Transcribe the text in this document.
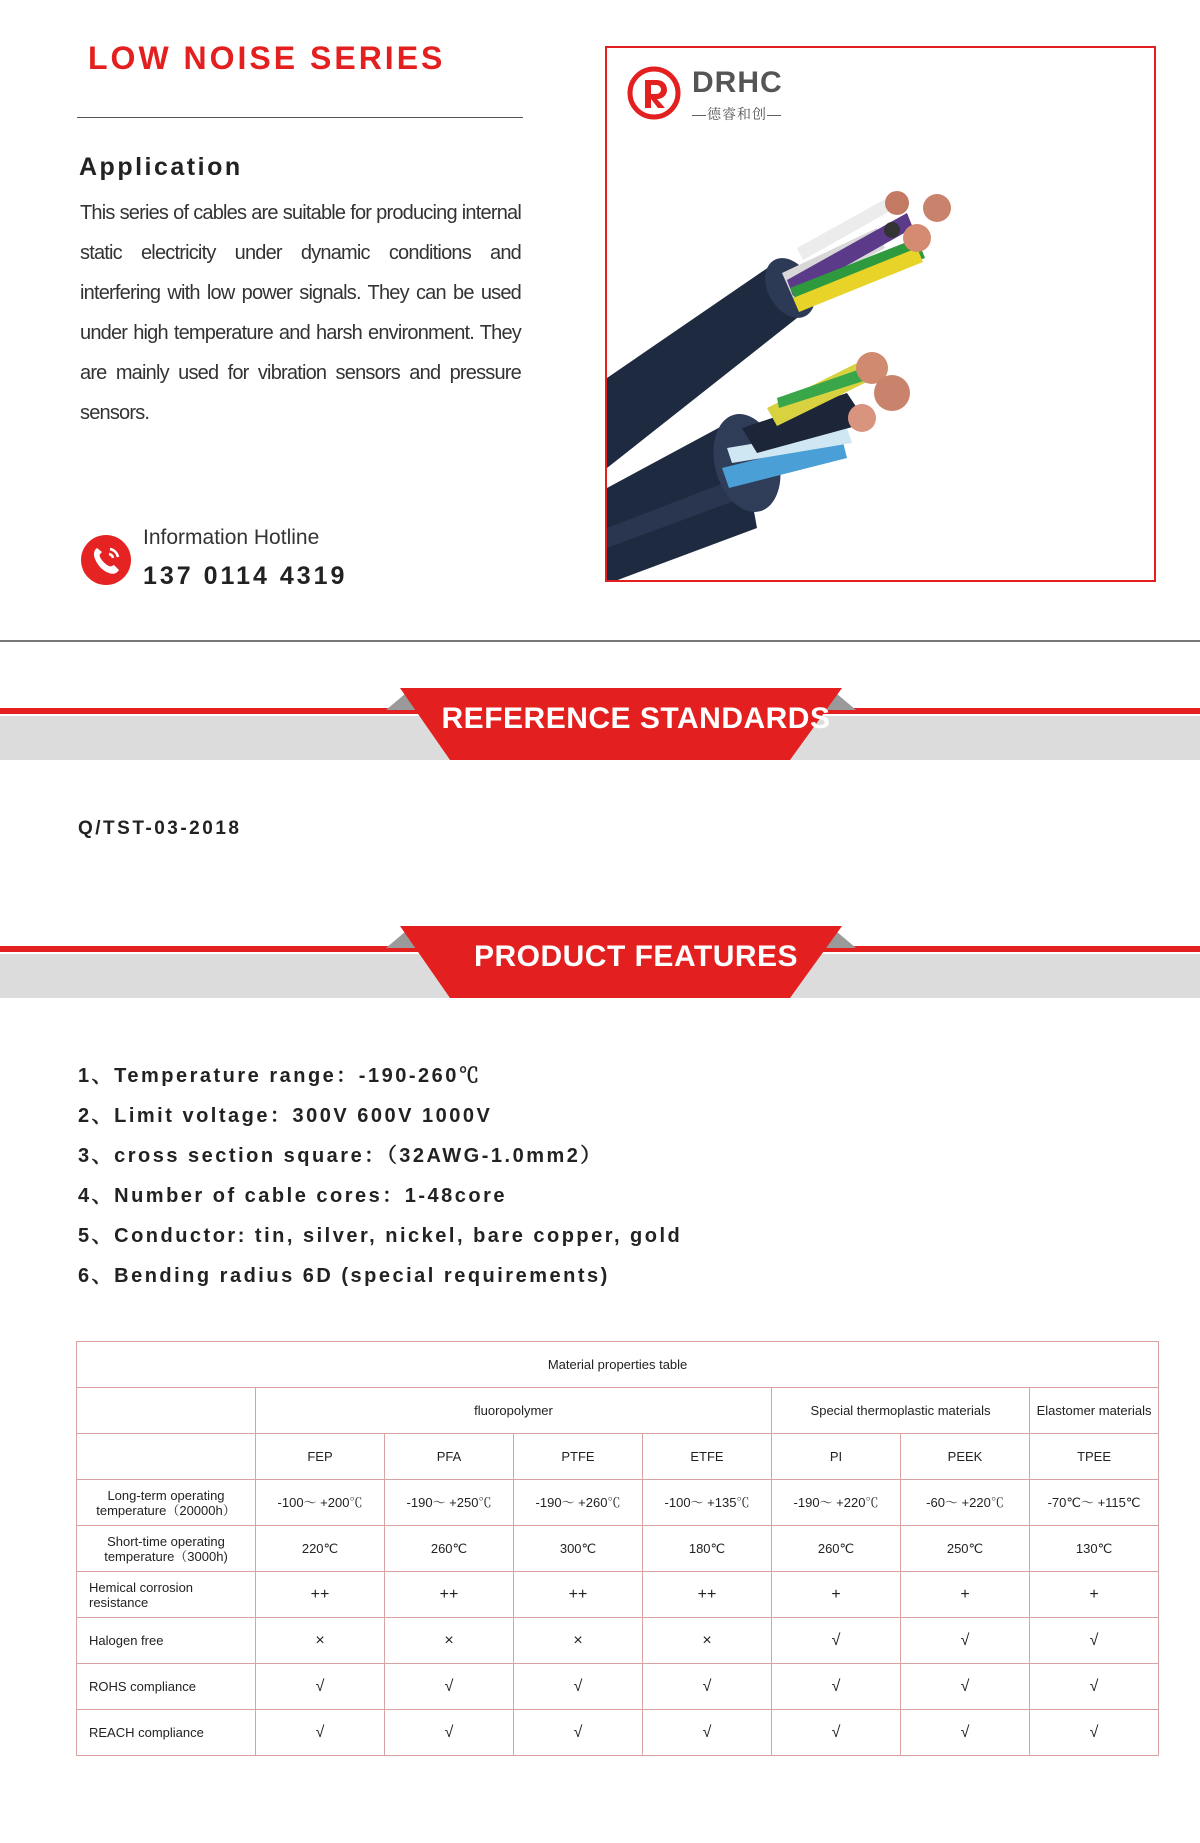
LOW NOISE SERIES
Application
This series of cables are suitable for producing internal static electricity under dynamic conditions and interfering with low power signals. They can be used under high temperature and harsh environment. They are mainly used for vibration sensors and pressure sensors.
Information Hotline
137 0114 4319
DRHC
—德睿和创—
REFERENCE STANDARDS
Q/TST-03-2018
PRODUCT FEATURES
1、Temperature range：-190-260℃
2、Limit voltage：300V 600V 1000V
3、cross section square：（32AWG-1.0mm2）
4、Number of cable cores：1-48core
5、Conductor: tin, silver, nickel, bare copper, gold
6、Bending radius 6D (special requirements)
Material properties table							
	fluoropolymer				Special thermoplastic materials		Elastomer materials
	FEP	PFA	PTFE	ETFE	PI	PEEK	TPEE
Long-term operating temperature（20000h）	-100～ +200℃	-190～ +250℃	-190～ +260℃	-100～ +135℃	-190～ +220℃	-60～ +220℃	-70℃～ +115℃
Short-time operating temperature（3000h)	220℃	260℃	300℃	180℃	260℃	250℃	130℃
Hemical corrosion resistance	++	++	++	++	+	+	+
Halogen free	×	×	×	×	√	√	√
ROHS compliance	√	√	√	√	√	√	√
REACH compliance	√	√	√	√	√	√	√
